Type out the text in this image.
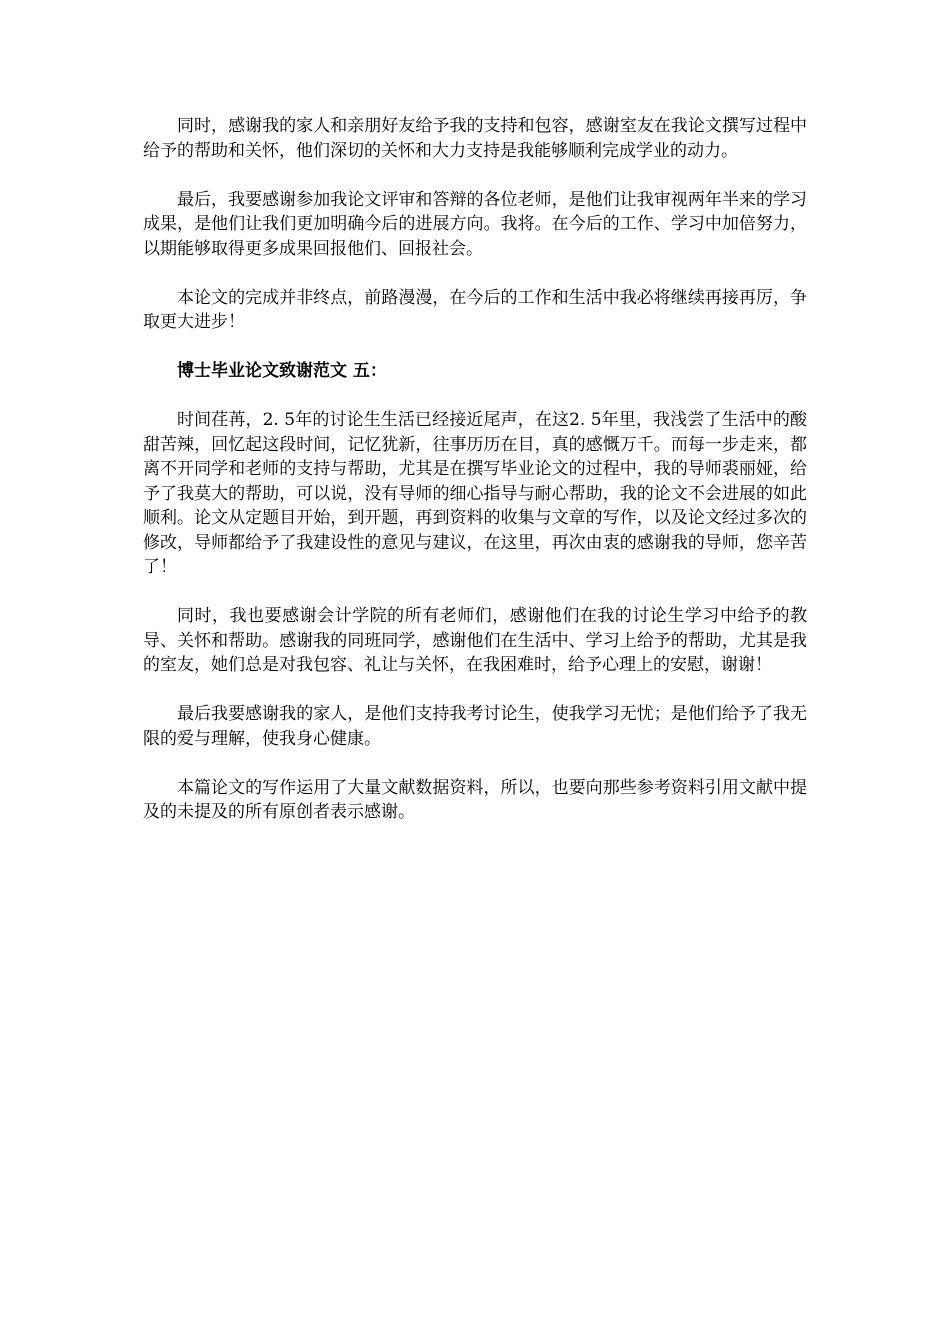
同时，感谢我的家人和亲朋好友给予我的支持和包容，感谢室友在我论文撰写过程中给予的帮助和关怀，他们深切的关怀和大力支持是我能够顺利完成学业的动力。

最后，我要感谢参加我论文评审和答辩的各位老师，是他们让我审视两年半来的学习成果，是他们让我们更加明确今后的进展方向。我将。在今后的工作、学习中加倍努力，以期能够取得更多成果回报他们、回报社会。

本论文的完成并非终点，前路漫漫，在今后的工作和生活中我必将继续再接再厉，争取更大进步！

博士毕业论文致谢范文 五：

时间荏苒，2. 5年的讨论生生活已经接近尾声，在这2. 5年里，我浅尝了生活中的酸甜苦辣，回忆起这段时间，记忆犹新，往事历历在目，真的感慨万千。而每一步走来，都离不开同学和老师的支持与帮助，尤其是在撰写毕业论文的过程中，我的导师裘丽娅，给予了我莫大的帮助，可以说，没有导师的细心指导与耐心帮助，我的论文不会进展的如此顺利。论文从定题目开始，到开题，再到资料的收集与文章的写作，以及论文经过多次的修改，导师都给予了我建设性的意见与建议，在这里，再次由衷的感谢我的导师，您辛苦了！

同时，我也要感谢会计学院的所有老师们，感谢他们在我的讨论生学习中给予的教导、关怀和帮助。感谢我的同班同学，感谢他们在生活中、学习上给予的帮助，尤其是我的室友，她们总是对我包容、礼让与关怀，在我困难时，给予心理上的安慰，谢谢！

最后我要感谢我的家人，是他们支持我考讨论生，使我学习无忧；是他们给予了我无限的爱与理解，使我身心健康。

本篇论文的写作运用了大量文献数据资料，所以，也要向那些参考资料引用文献中提及的未提及的所有原创者表示感谢。
